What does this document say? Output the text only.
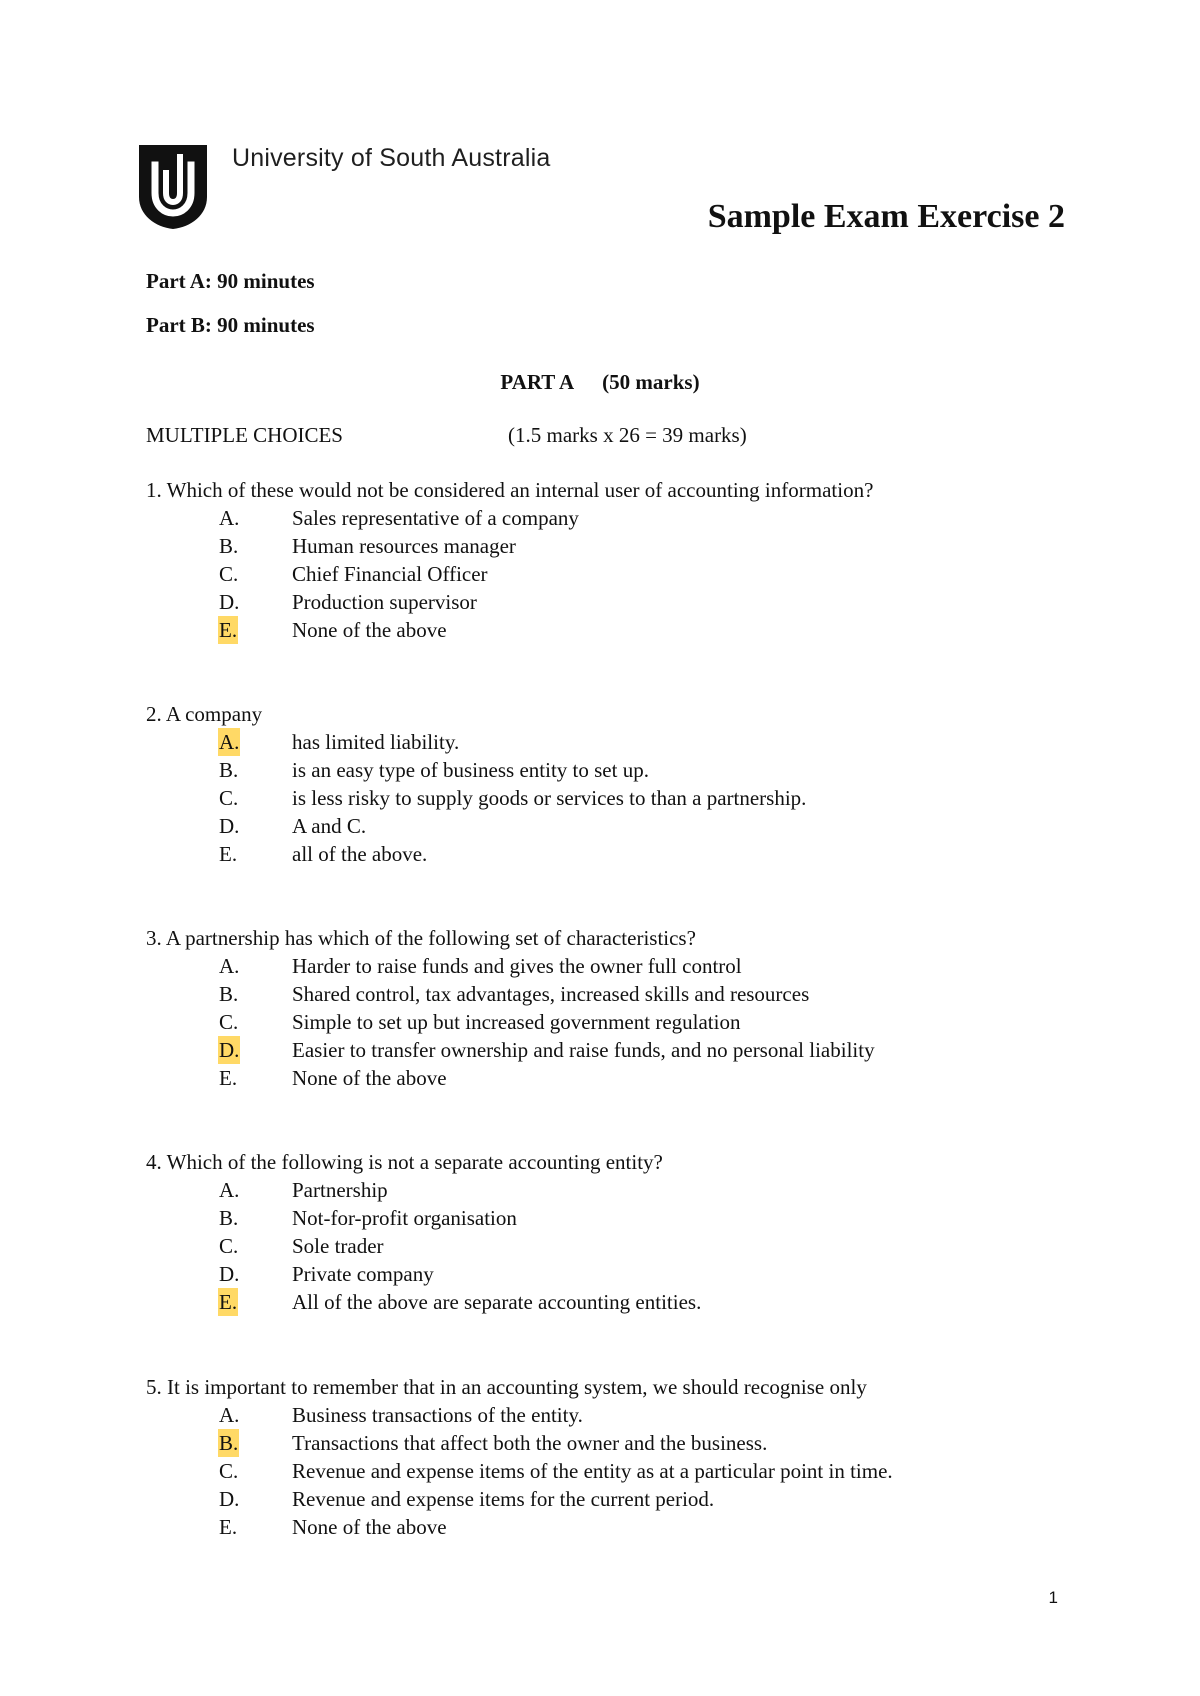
University of South Australia
Sample Exam Exercise 2
Part A: 90 minutes
Part B: 90 minutes
PART A (50 marks)
MULTIPLE CHOICES	(1.5 marks x 26 = 39 marks)
1. Which of these would not be considered an internal user of accounting information?
A.	Sales representative of a company
B.	Human resources manager
C.	Chief Financial Officer
D.	Production supervisor
E.	None of the above
2. A company
A.	has limited liability.
B.	is an easy type of business entity to set up.
C.	is less risky to supply goods or services to than a partnership.
D.	A and C.
E.	all of the above.
3. A partnership has which of the following set of characteristics?
A.	Harder to raise funds and gives the owner full control
B.	Shared control, tax advantages, increased skills and resources
C.	Simple to set up but increased government regulation
D.	Easier to transfer ownership and raise funds, and no personal liability
E.	None of the above
4. Which of the following is not a separate accounting entity?
A.	Partnership
B.	Not-for-profit organisation
C.	Sole trader
D.	Private company
E.	All of the above are separate accounting entities.
5. It is important to remember that in an accounting system, we should recognise only
A.	Business transactions of the entity.
B.	Transactions that affect both the owner and the business.
C.	Revenue and expense items of the entity as at a particular point in time.
D.	Revenue and expense items for the current period.
E.	None of the above
1
